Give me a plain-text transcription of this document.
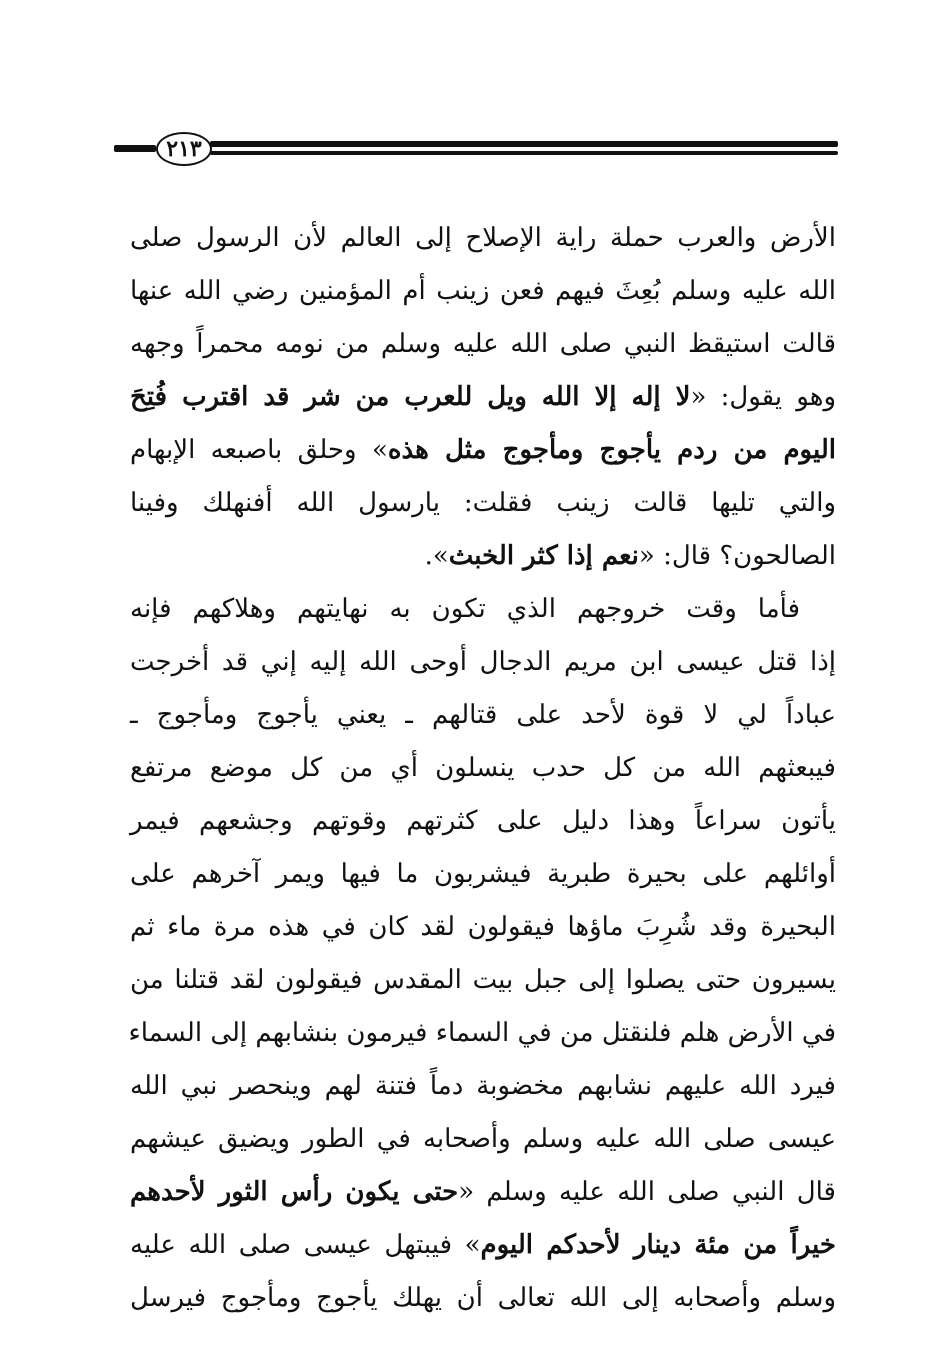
٢١٣
الأرض والعرب حملة راية الإصلاح إلى العالم لأن الرسول صلى
الله عليه وسلم بُعِثَ فيهم فعن زينب أم المؤمنين رضي الله عنها
قالت استيقظ النبي صلى الله عليه وسلم من نومه محمراً وجهه
وهو يقول: «لا إله إلا الله ويل للعرب من شر قد اقترب فُتِحَ
اليوم من ردم يأجوج ومأجوج مثل هذه» وحلق باصبعه الإبهام
والتي تليها قالت زينب فقلت: يارسول الله أفنهلك وفينا
الصالحون؟ قال: «نعم إذا كثر الخبث».
فأما وقت خروجهم الذي تكون به نهايتهم وهلاكهم فإنه
إذا قتل عيسى ابن مريم الدجال أوحى الله إليه إني قد أخرجت
عباداً لي لا قوة لأحد على قتالهم ـ يعني يأجوج ومأجوج ـ
فيبعثهم الله من كل حدب ينسلون أي من كل موضع مرتفع
يأتون سراعاً وهذا دليل على كثرتهم وقوتهم وجشعهم فيمر
أوائلهم على بحيرة طبرية فيشربون ما فيها ويمر آخرهم على
البحيرة وقد شُرِبَ ماؤها فيقولون لقد كان في هذه مرة ماء ثم
يسيرون حتى يصلوا إلى جبل بيت المقدس فيقولون لقد قتلنا من
في الأرض هلم فلنقتل من في السماء فيرمون بنشابهم إلى السماء
فيرد الله عليهم نشابهم مخضوبة دماً فتنة لهم وينحصر نبي الله
عيسى صلى الله عليه وسلم وأصحابه في الطور ويضيق عيشهم
قال النبي صلى الله عليه وسلم «حتى يكون رأس الثور لأحدهم
خيراً من مئة دينار لأحدكم اليوم» فيبتهل عيسى صلى الله عليه
وسلم وأصحابه إلى الله تعالى أن يهلك يأجوج ومأجوج فيرسل
